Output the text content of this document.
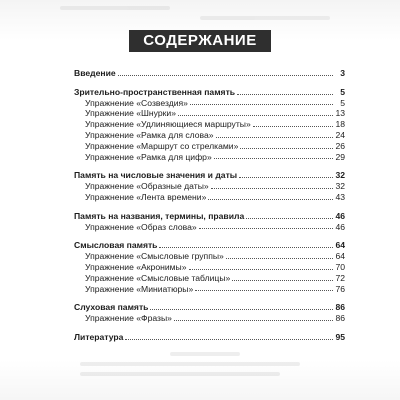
СОДЕРЖАНИЕ
Введение	3
Зрительно-пространственная память	5
Упражнение «Созвездия»	5
Упражнение «Шнурки»	13
Упражнение «Удлиняющиеся маршруты»	18
Упражнение «Рамка для слова»	24
Упражнение «Маршрут со стрелками»	26
Упражнение «Рамка для цифр»	29
Память на числовые значения и даты	32
Упражнение «Образные даты»	32
Упражнение «Лента времени»	43
Память на названия, термины, правила	46
Упражнение «Образ слова»	46
Смысловая память	64
Упражнение «Смысловые группы»	64
Упражнение «Акронимы»	70
Упражнение «Смысловые таблицы»	72
Упражнение «Миниатюры»	76
Слуховая память	86
Упражнение «Фразы»	86
Литература	95
